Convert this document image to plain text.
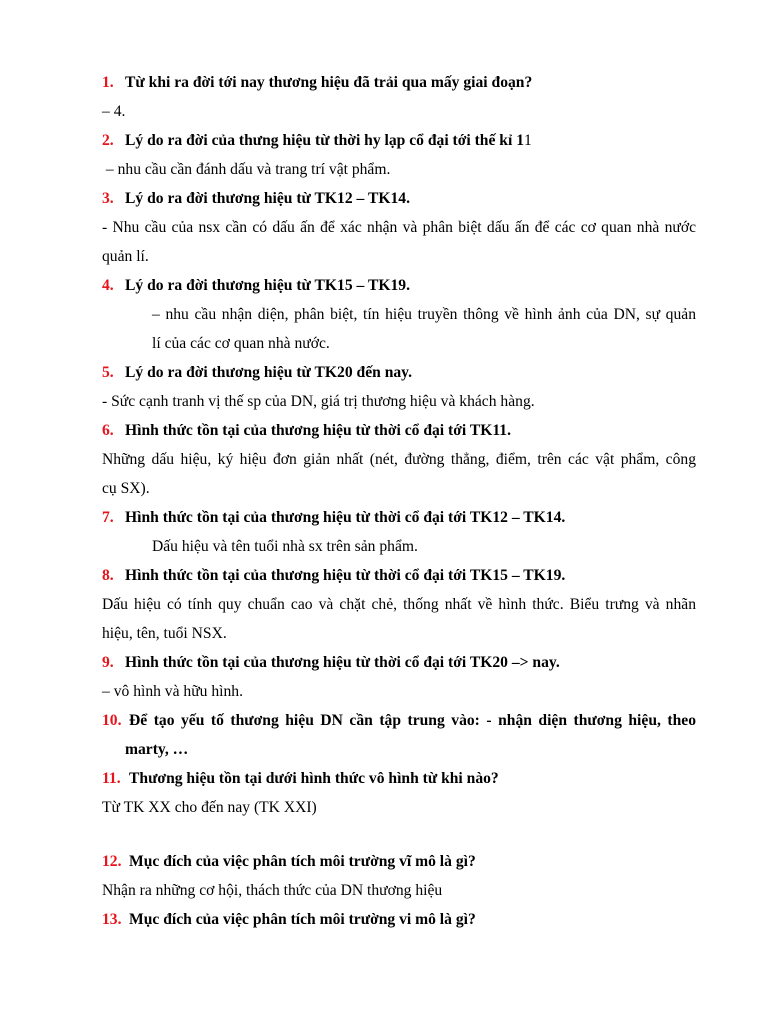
1. Từ khi ra đời tới nay thương hiệu đã trải qua mấy giai đoạn?
– 4.
2. Lý do ra đời của thưng hiệu từ thời hy lạp cổ đại tới thế kỉ 11
– nhu cầu cần đánh dấu và trang trí vật phẩm.
3. Lý do ra đời thương hiệu từ TK12 – TK14.
- Nhu cầu của nsx cần có dấu ấn để xác nhận và phân biệt dấu ấn để các cơ quan nhà nước
quản lí.
4. Lý do ra đời thương hiệu từ TK15 – TK19.
– nhu cầu nhận diện, phân biệt, tín hiệu truyền thông về hình ảnh của DN, sự quản
lí của các cơ quan nhà nước.
5. Lý do ra đời thương hiệu từ TK20 đến nay.
- Sức cạnh tranh vị thế sp của DN, giá trị thương hiệu và khách hàng.
6. Hình thức tồn tại của thương hiệu từ thời cổ đại tới TK11.
Những dấu hiệu, ký hiệu đơn giản nhất (nét, đường thẳng, điểm, trên các vật phẩm, công
cụ SX).
7. Hình thức tồn tại của thương hiệu từ thời cổ đại tới TK12 – TK14.
Dấu hiệu và tên tuổi nhà sx trên sản phẩm.
8. Hình thức tồn tại của thương hiệu từ thời cổ đại tới TK15 – TK19.
Dấu hiệu có tính quy chuẩn cao và chặt chẻ, thống nhất về hình thức. Biểu trưng và nhãn
hiệu, tên, tuổi NSX.
9. Hình thức tồn tại của thương hiệu từ thời cổ đại tới TK20 –> nay.
– vô hình và hữu hình.
10. Để tạo yếu tố thương hiệu DN cần tập trung vào: - nhận diện thương hiệu, theo
marty, …
11. Thương hiệu tồn tại dưới hình thức vô hình từ khi nào?
Từ TK XX cho đến nay (TK XXI)
12. Mục đích của việc phân tích môi trường vĩ mô là gì?
Nhận ra những cơ hội, thách thức của DN thương hiệu
13. Mục đích của việc phân tích môi trường vi mô là gì?
